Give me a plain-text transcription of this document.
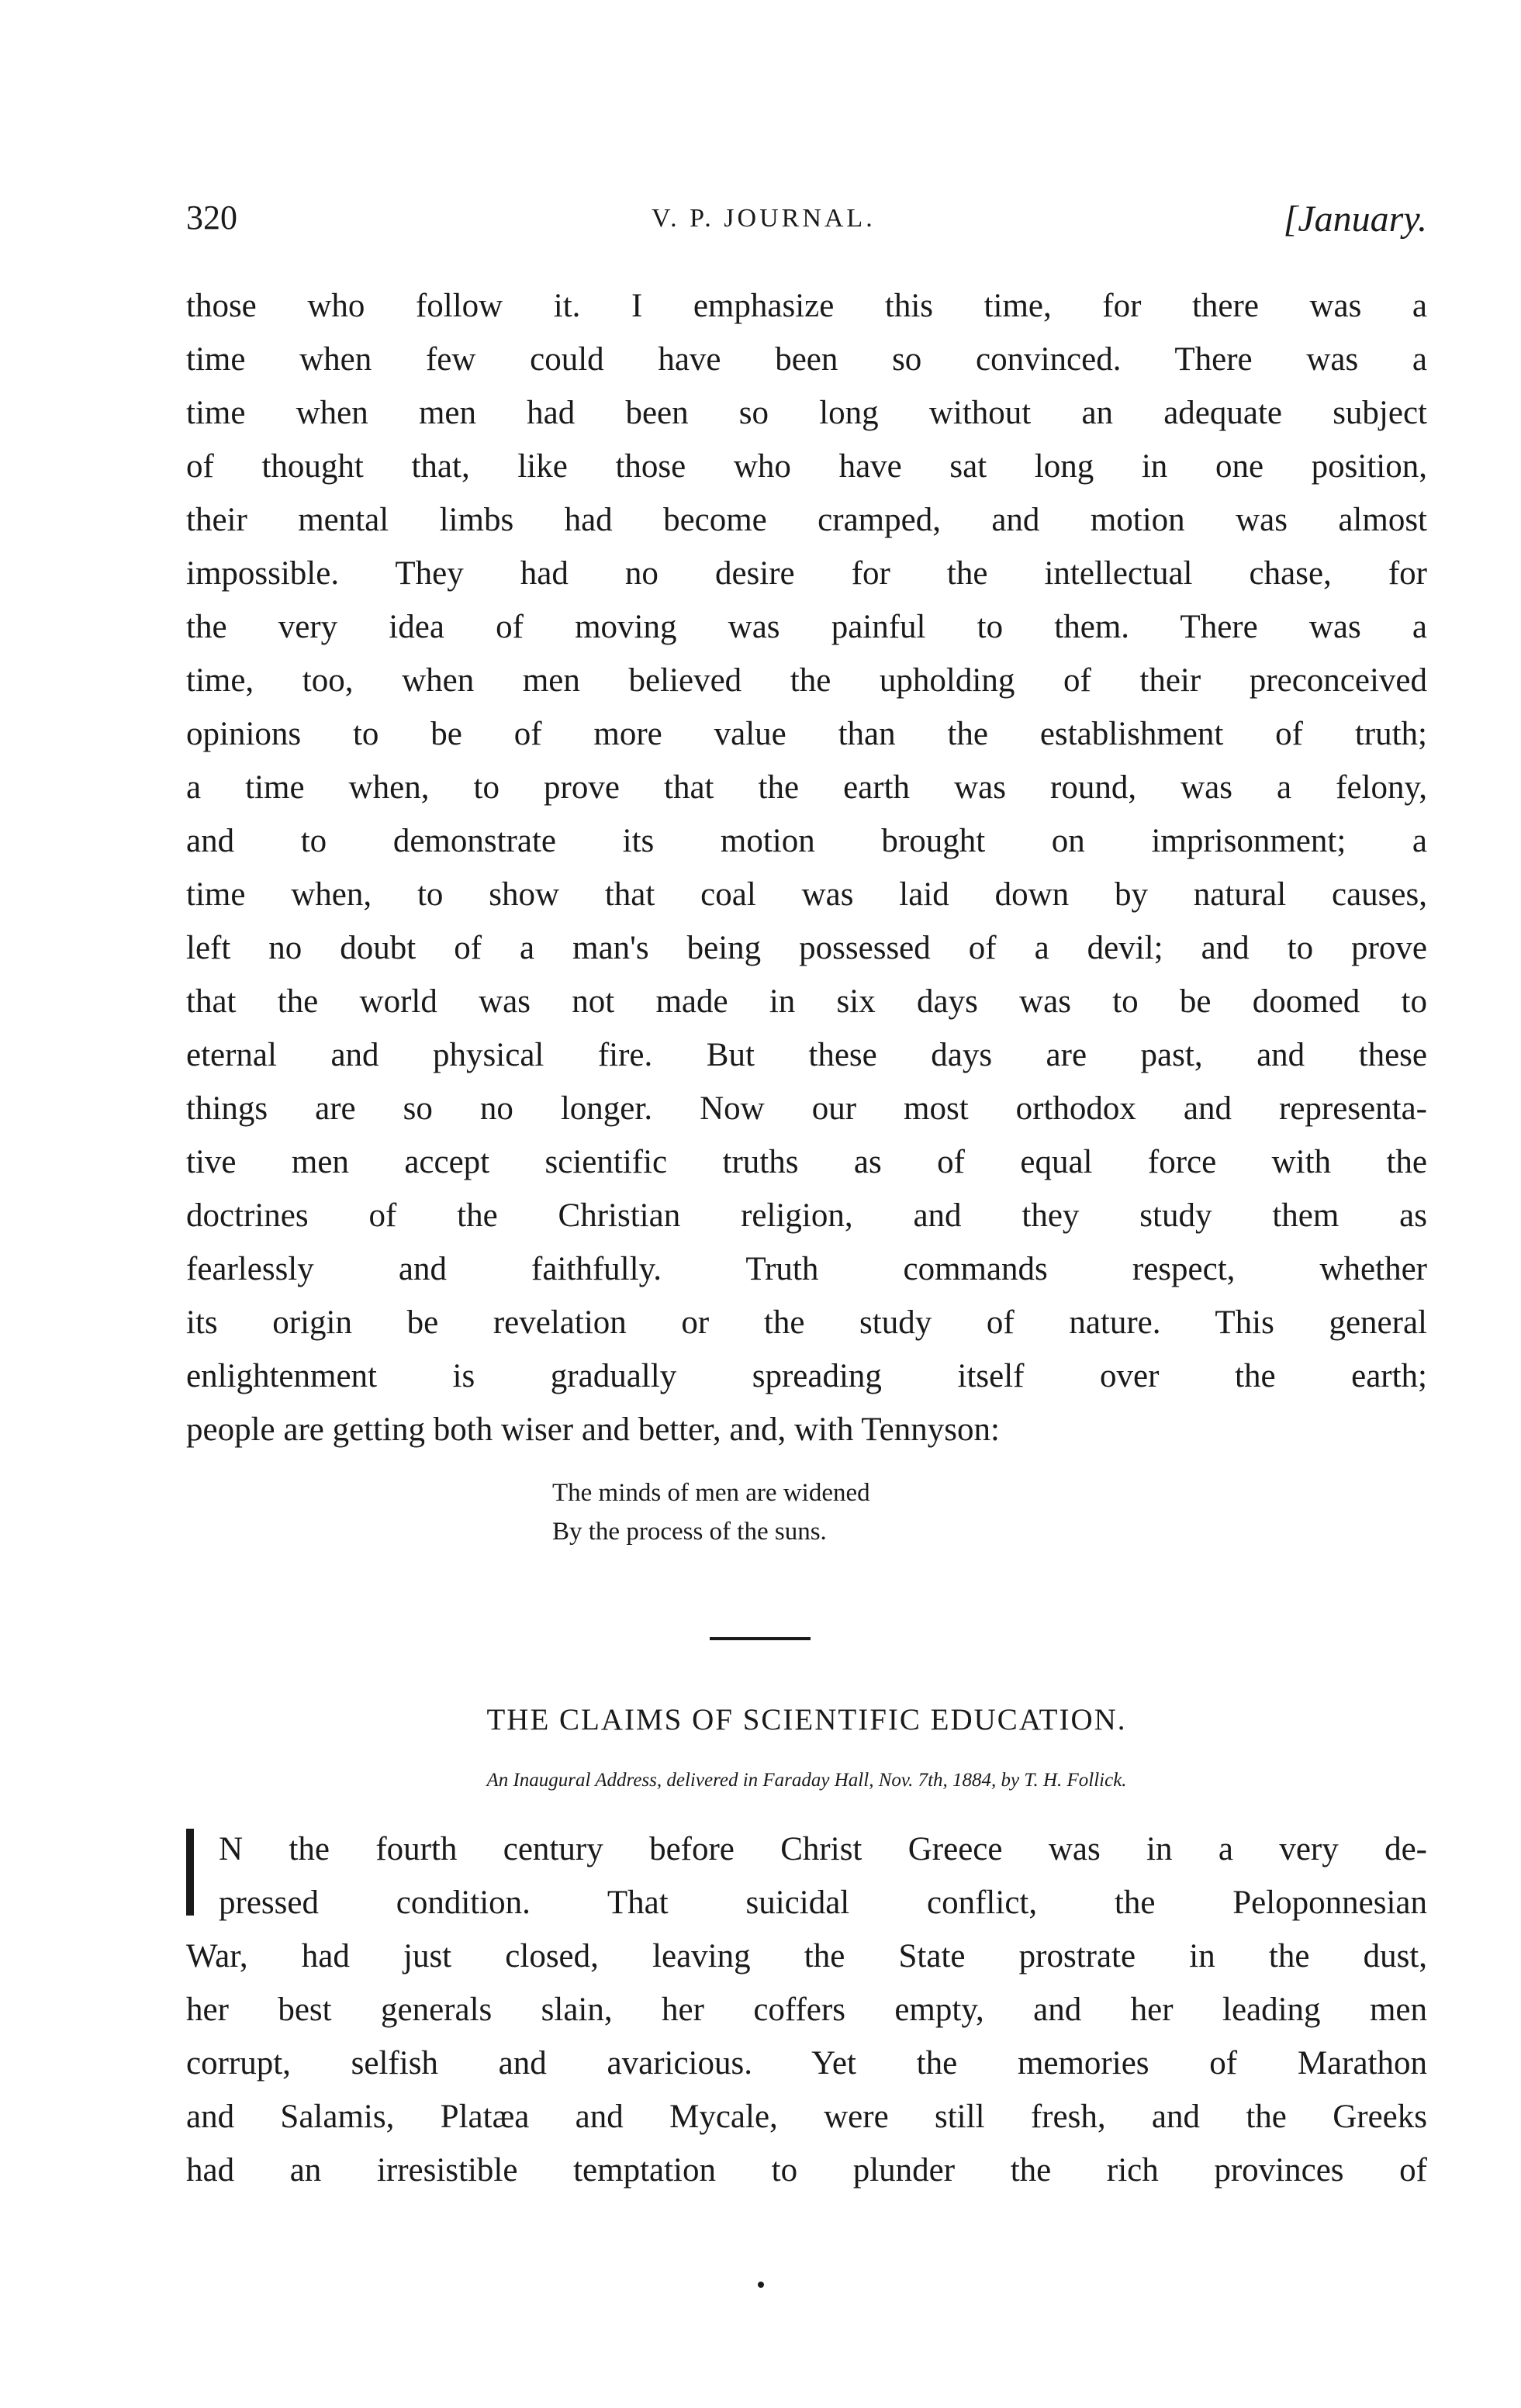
320	V. P. JOURNAL.	[January.
those who follow it. I emphasize this time, for there was a
time when few could have been so convinced. There was a
time when men had been so long without an adequate subject
of thought that, like those who have sat long in one position,
their mental limbs had become cramped, and motion was almost
impossible. They had no desire for the intellectual chase, for
the very idea of moving was painful to them. There was a
time, too, when men believed the upholding of their preconceived
opinions to be of more value than the establishment of truth;
a time when, to prove that the earth was round, was a felony,
and to demonstrate its motion brought on imprisonment; a
time when, to show that coal was laid down by natural causes,
left no doubt of a man's being possessed of a devil; and to prove
that the world was not made in six days was to be doomed to
eternal and physical fire. But these days are past, and these
things are so no longer. Now our most orthodox and representa-
tive men accept scientific truths as of equal force with the
doctrines of the Christian religion, and they study them as
fearlessly and faithfully. Truth commands respect, whether
its origin be revelation or the study of nature. This general
enlightenment is gradually spreading itself over the earth;
people are getting both wiser and better, and, with Tennyson:
The minds of men are widened
By the process of the suns.
THE CLAIMS OF SCIENTIFIC EDUCATION.
An Inaugural Address, delivered in Faraday Hall, Nov. 7th, 1884, by T. H. Follick.
N the fourth century before Christ Greece was in a very de-
pressed condition. That suicidal conflict, the Peloponnesian
War, had just closed, leaving the State prostrate in the dust,
her best generals slain, her coffers empty, and her leading men
corrupt, selfish and avaricious. Yet the memories of Marathon
and Salamis, Platæa and Mycale, were still fresh, and the Greeks
had an irresistible temptation to plunder the rich provinces of
